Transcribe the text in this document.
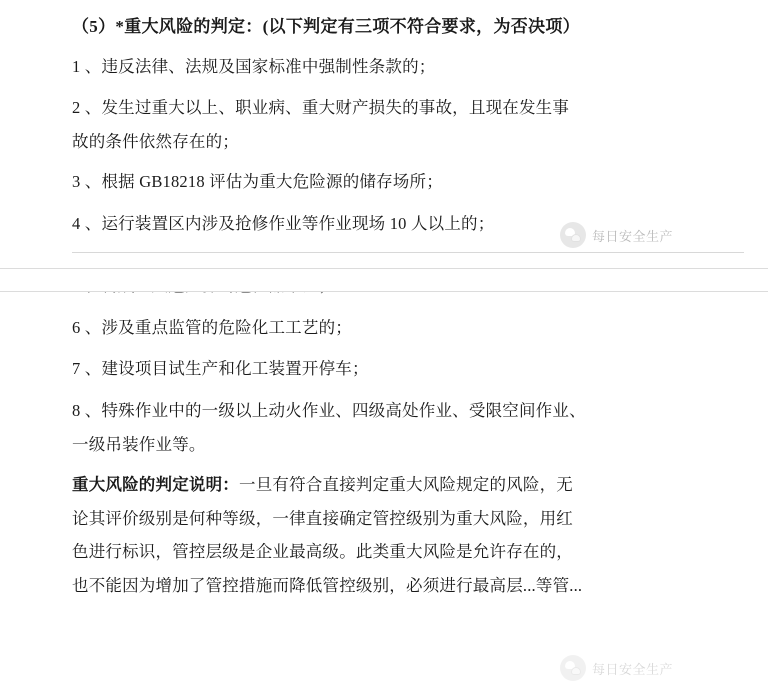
（5）*重大风险的判定：(以下判定有三项不符合要求，为否决项）
1 、违反法律、法规及国家标准中强制性条款的；
2 、发生过重大以上、职业病、重大财产损失的事故，且现在发生事
故的条件依然存在的；
3 、根据 GB18218 评估为重大危险源的储存场所；
4 、运行装置区内涉及抢修作业等作业现场 10 人以上的；
6 、涉及重点监管的危险化工工艺的；
7 、建设项目试生产和化工装置开停车；
8 、特殊作业中的一级以上动火作业、四级高处作业、受限空间作业、
一级吊装作业等。
重大风险的判定说明：一旦有符合直接判定重大风险规定的风险，无
论其评价级别是何种等级，一律直接确定管控级别为重大风险，用红
色进行标识，管控层级是企业最高级。此类重大风险是允许存在的，
也不能因为增加了管控措施而降低管控级别，必须进行最高层...等管...
每日安全生产
每日安全生产
